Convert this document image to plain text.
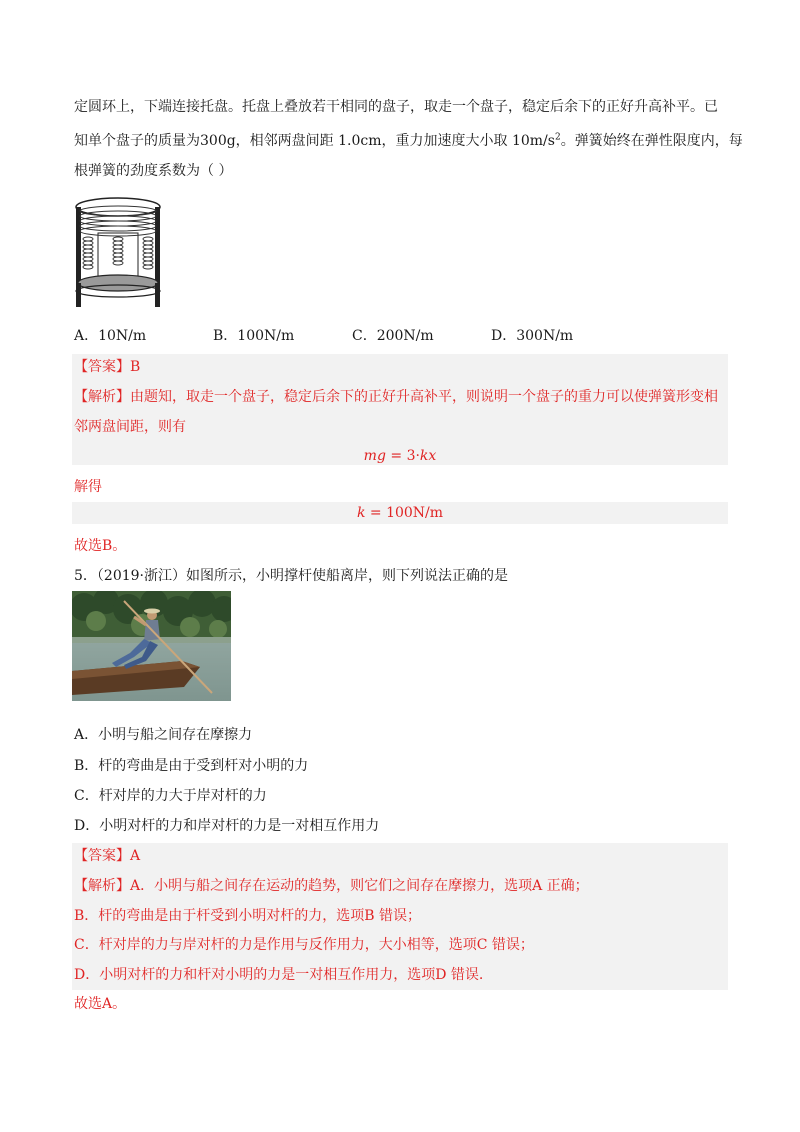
定圆环上，下端连接托盘。托盘上叠放若干相同的盘子，取走一个盘子，稳定后余下的正好升高补平。已
知单个盘子的质量为300g，相邻两盘间距 1.0cm，重力加速度大小取 $10m/s^2$。弹簧始终在弹性限度内，每
根弹簧的劲度系数为（ ）
A．10N/m	B．100N/m	C．200N/m	D．300N/m
【答案】B
【解析】由题知，取走一个盘子，稳定后余下的正好升高补平，则说明一个盘子的重力可以使弹簧形变相
邻两盘间距，则有
mg = 3·kx
解得
k = 100N/m
故选B。
5．（2019·浙江）如图所示，小明撑杆使船离岸，则下列说法正确的是
A．小明与船之间存在摩擦力
B．杆的弯曲是由于受到杆对小明的力
C．杆对岸的力大于岸对杆的力
D．小明对杆的力和岸对杆的力是一对相互作用力
【答案】A
【解析】A．小明与船之间存在运动的趋势，则它们之间存在摩擦力，选项A 正确；
B．杆的弯曲是由于杆受到小明对杆的力，选项B 错误；
C．杆对岸的力与岸对杆的力是作用与反作用力，大小相等，选项C 错误；
D．小明对杆的力和杆对小明的力是一对相互作用力，选项D 错误.
故选A。
